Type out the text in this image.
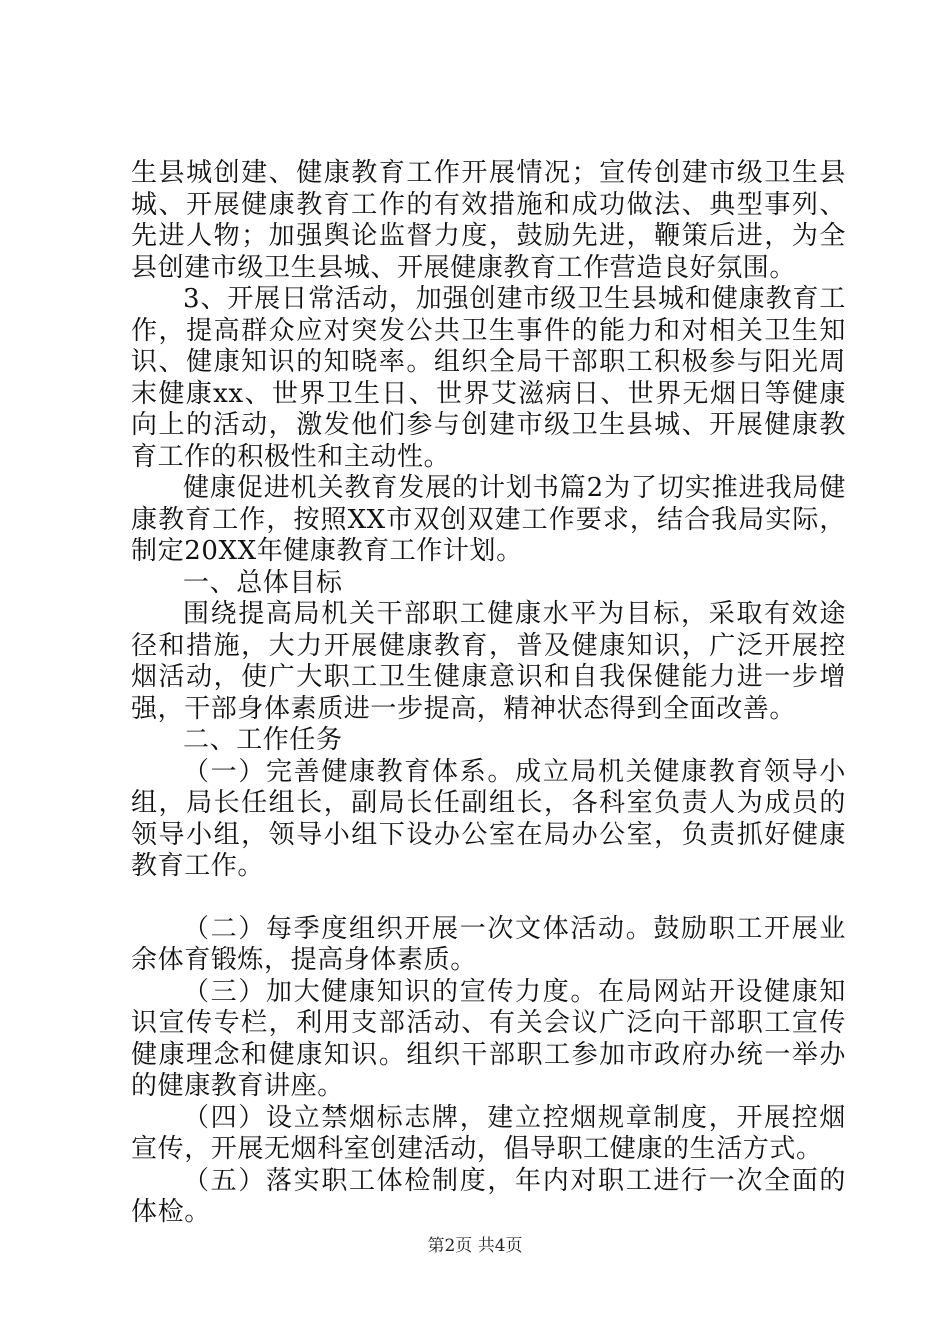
生县城创建、健康教育工作开展情况；宣传创建市级卫生县城、开展健康教育工作的有效措施和成功做法、典型事列、先进人物；加强舆论监督力度，鼓励先进，鞭策后进，为全县创建市级卫生县城、开展健康教育工作营造良好氛围。

3、开展日常活动，加强创建市级卫生县城和健康教育工作，提高群众应对突发公共卫生事件的能力和对相关卫生知识、健康知识的知晓率。组织全局干部职工积极参与阳光周末健康xx、世界卫生日、世界艾滋病日、世界无烟日等健康向上的活动，激发他们参与创建市级卫生县城、开展健康教育工作的积极性和主动性。

健康促进机关教育发展的计划书篇2为了切实推进我局健康教育工作，按照XX市双创双建工作要求，结合我局实际，制定20XX年健康教育工作计划。

一、总体目标

围绕提高局机关干部职工健康水平为目标，采取有效途径和措施，大力开展健康教育，普及健康知识，广泛开展控烟活动，使广大职工卫生健康意识和自我保健能力进一步增强，干部身体素质进一步提高，精神状态得到全面改善。

二、工作任务

（一）完善健康教育体系。成立局机关健康教育领导小组，局长任组长，副局长任副组长，各科室负责人为成员的领导小组，领导小组下设办公室在局办公室，负责抓好健康教育工作。

（二）每季度组织开展一次文体活动。鼓励职工开展业余体育锻炼，提高身体素质。

（三）加大健康知识的宣传力度。在局网站开设健康知识宣传专栏，利用支部活动、有关会议广泛向干部职工宣传健康理念和健康知识。组织干部职工参加市政府办统一举办的健康教育讲座。

（四）设立禁烟标志牌，建立控烟规章制度，开展控烟宣传，开展无烟科室创建活动，倡导职工健康的生活方式。

（五）落实职工体检制度，年内对职工进行一次全面的体检。

第2页 共4页
